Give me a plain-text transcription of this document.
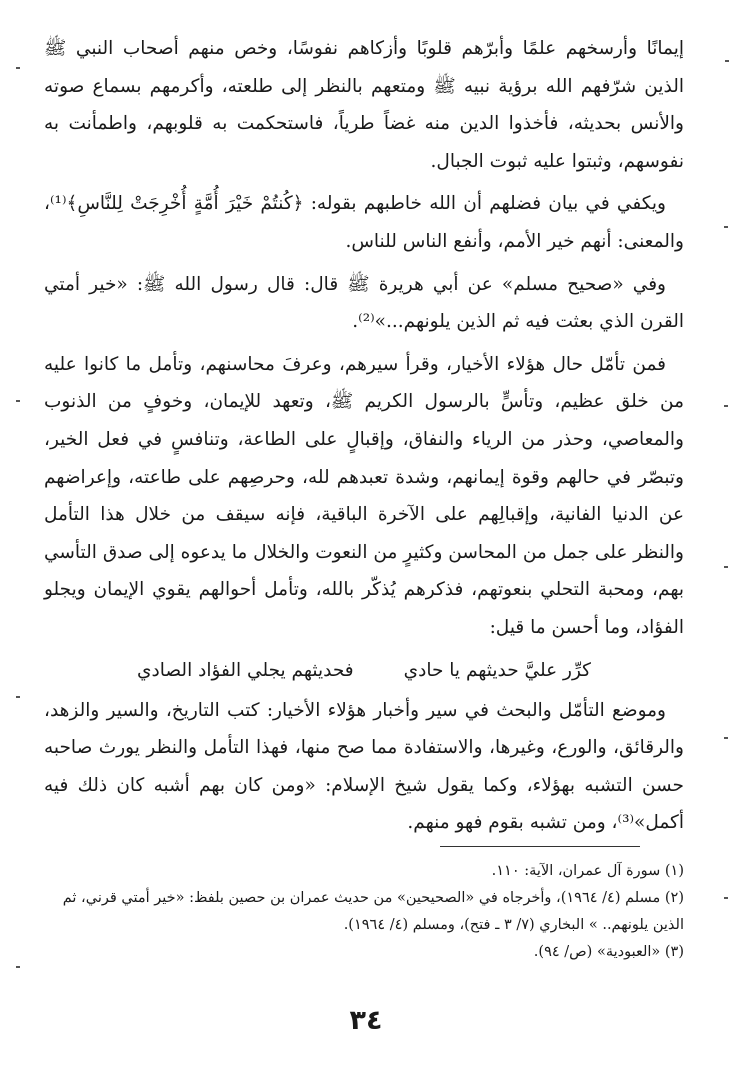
إيمانًا وأرسخهم علمًا وأبرّهم قلوبًا وأزكاهم نفوسًا، وخص منهم أصحاب النبي ﷺ الذين شرّفهم الله برؤية نبيه ﷺ ومتعهم بالنظر إلى طلعته، وأكرمهم بسماع صوته والأنس بحديثه، فأخذوا الدين منه غضاً طرياً، فاستحكمت به قلوبهم، واطمأنت به نفوسهم، وثبتوا عليه ثبوت الجبال.

ويكفي في بيان فضلهم أن الله خاطبهم بقوله: ﴿كُنتُمْ خَيْرَ أُمَّةٍ أُخْرِجَتْ لِلنَّاسِ﴾⁽¹⁾، والمعنى: أنهم خير الأمم، وأنفع الناس للناس.

وفي «صحيح مسلم» عن أبي هريرة ﷺ قال: قال رسول الله ﷺ: «خير أمتي القرن الذي بعثت فيه ثم الذين يلونهم...»⁽²⁾.

فمن تأمّل حال هؤلاء الأخيار، وقرأ سيرهم، وعرفَ محاسنهم، وتأمل ما كانوا عليه من خلق عظيم، وتأسٍّ بالرسول الكريم ﷺ، وتعهد للإيمان، وخوفٍ من الذنوب والمعاصي، وحذر من الرياء والنفاق، وإقبالٍ على الطاعة، وتنافسٍ في فعل الخير، وتبصّر في حالهم وقوة إيمانهم، وشدة تعبدهم لله، وحرصِهم على طاعته، وإعراضهم عن الدنيا الفانية، وإقبالِهم على الآخرة الباقية، فإنه سيقف من خلال هذا التأمل والنظر على جمل من المحاسن وكثيرٍ من النعوت والخلال ما يدعوه إلى صدق التأسي بهم، ومحبة التحلي بنعوتهم، فذكرهم يُذكّر بالله، وتأمل أحوالهم يقوي الإيمان ويجلو الفؤاد، وما أحسن ما قيل:

كرِّر عليَّ حديثهم يا حادي
فحديثهم يجلي الفؤاد الصادي

وموضع التأمّل والبحث في سير وأخبار هؤلاء الأخيار: كتب التاريخ، والسير والزهد، والرقائق، والورع، وغيرها، والاستفادة مما صح منها، فهذا التأمل والنظر يورث صاحبه حسن التشبه بهؤلاء، وكما يقول شيخ الإسلام: «ومن كان بهم أشبه كان ذلك فيه أكمل»⁽³⁾، ومن تشبه بقوم فهو منهم.

(١) سورة آل عمران، الآية: ١١٠.

(٢) مسلم (٤/ ١٩٦٤)، وأخرجاه في «الصحيحين» من حديث عمران بن حصين بلفظ: «خير أمتي قرني، ثم الذين يلونهم.. » البخاري (٧/ ٣ ـ فتح)، ومسلم (٤/ ١٩٦٤).

(٣) «العبودية» (ص/ ٩٤).

٣٤
